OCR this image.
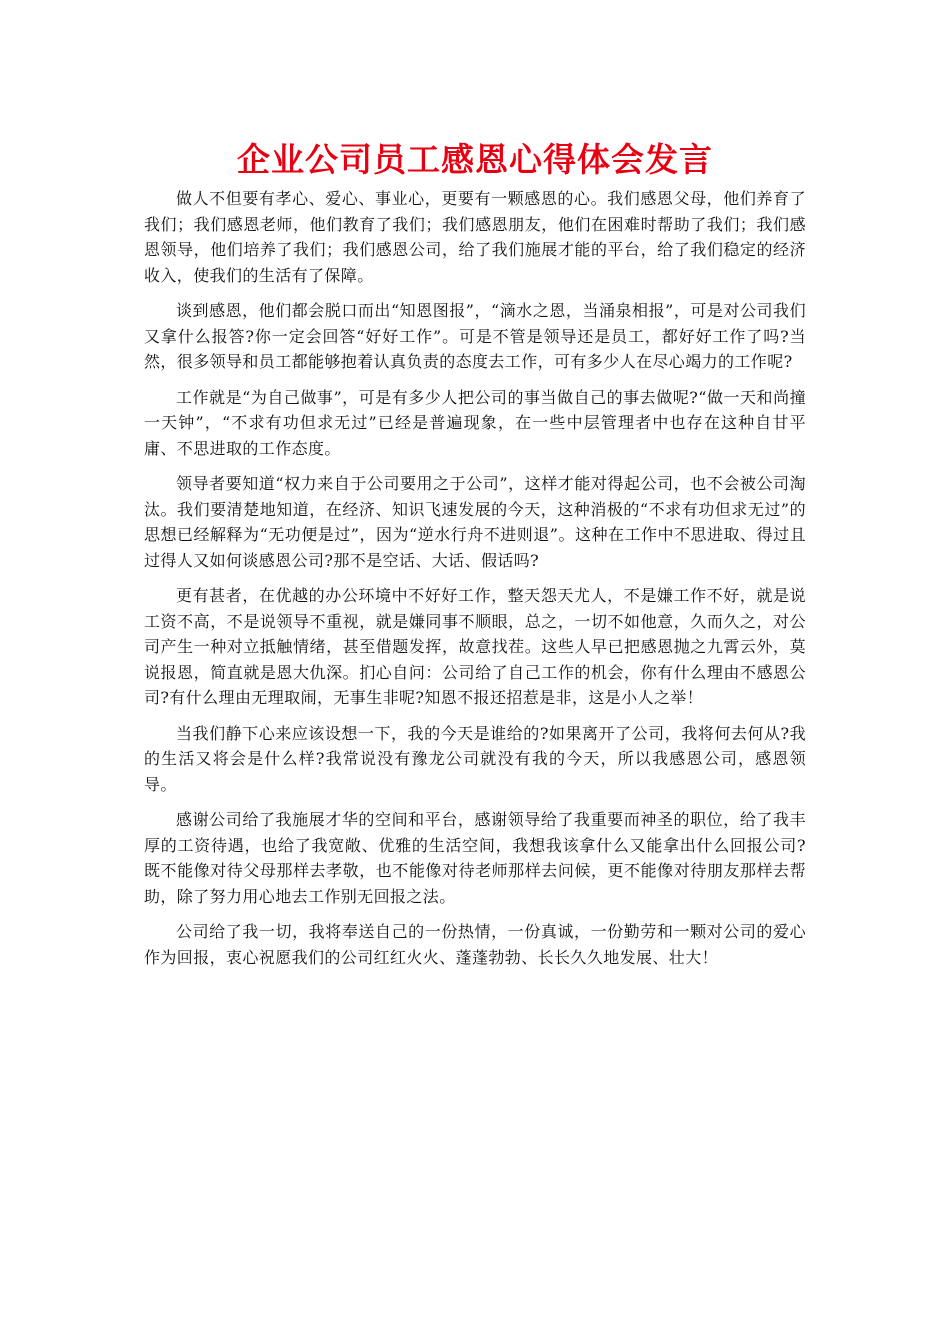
企业公司员工感恩心得体会发言

做人不但要有孝心、爱心、事业心，更要有一颗感恩的心。我们感恩父母，他们养育了我们；我们感恩老师，他们教育了我们；我们感恩朋友，他们在困难时帮助了我们；我们感恩领导，他们培养了我们；我们感恩公司，给了我们施展才能的平台，给了我们稳定的经济收入，使我们的生活有了保障。

谈到感恩，他们都会脱口而出“知恩图报”，“滴水之恩，当涌泉相报”，可是对公司我们又拿什么报答?你一定会回答“好好工作”。可是不管是领导还是员工，都好好工作了吗?当然，很多领导和员工都能够抱着认真负责的态度去工作，可有多少人在尽心竭力的工作呢?

工作就是“为自己做事”，可是有多少人把公司的事当做自己的事去做呢?“做一天和尚撞一天钟”，“不求有功但求无过”已经是普遍现象，在一些中层管理者中也存在这种自甘平庸、不思进取的工作态度。

领导者要知道“权力来自于公司要用之于公司”，这样才能对得起公司，也不会被公司淘汰。我们要清楚地知道，在经济、知识飞速发展的今天，这种消极的“不求有功但求无过”的思想已经解释为“无功便是过”，因为“逆水行舟不进则退”。这种在工作中不思进取、得过且过得人又如何谈感恩公司?那不是空话、大话、假话吗?

更有甚者，在优越的办公环境中不好好工作，整天怨天尤人，不是嫌工作不好，就是说工资不高，不是说领导不重视，就是嫌同事不顺眼，总之，一切不如他意，久而久之，对公司产生一种对立抵触情绪，甚至借题发挥，故意找茬。这些人早已把感恩抛之九霄云外，莫说报恩，简直就是恩大仇深。扪心自问：公司给了自己工作的机会，你有什么理由不感恩公司?有什么理由无理取闹，无事生非呢?知恩不报还招惹是非，这是小人之举！

当我们静下心来应该设想一下，我的今天是谁给的?如果离开了公司，我将何去何从?我的生活又将会是什么样?我常说没有豫龙公司就没有我的今天，所以我感恩公司，感恩领导。

感谢公司给了我施展才华的空间和平台，感谢领导给了我重要而神圣的职位，给了我丰厚的工资待遇，也给了我宽敞、优雅的生活空间，我想我该拿什么又能拿出什么回报公司?既不能像对待父母那样去孝敬，也不能像对待老师那样去问候，更不能像对待朋友那样去帮助，除了努力用心地去工作别无回报之法。

公司给了我一切，我将奉送自己的一份热情，一份真诚，一份勤劳和一颗对公司的爱心作为回报，衷心祝愿我们的公司红红火火、蓬蓬勃勃、长长久久地发展、壮大！
